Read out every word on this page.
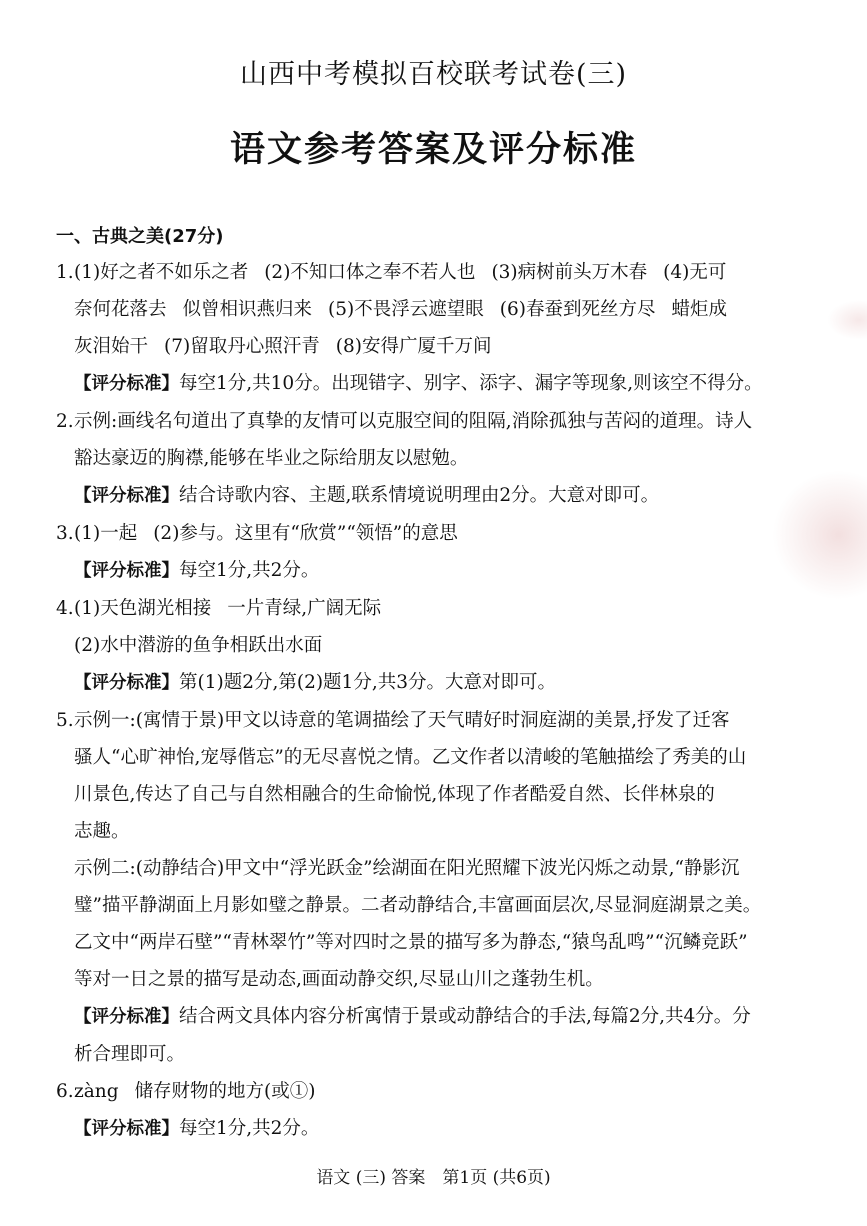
山西中考模拟百校联考试卷(三)
语文参考答案及评分标准
一、古典之美(27分)
1. (1)好之者不如乐之者 (2)不知口体之奉不若人也 (3)病树前头万木春 (4)无可

奈何花落去 似曾相识燕归来 (5)不畏浮云遮望眼 (6)春蚕到死丝方尽 蜡炬成

灰泪始干 (7)留取丹心照汗青 (8)安得广厦千万间

【评分标准】每空1分,共10分。出现错字、别字、添字、漏字等现象,则该空不得分。

2. 示例:画线名句道出了真挚的友情可以克服空间的阻隔,消除孤独与苦闷的道理。诗人

豁达豪迈的胸襟,能够在毕业之际给朋友以慰勉。

【评分标准】结合诗歌内容、主题,联系情境说明理由2分。大意对即可。

3. (1)一起 (2)参与。这里有“欣赏”“领悟”的意思

【评分标准】每空1分,共2分。

4. (1)天色湖光相接 一片青绿,广阔无际

(2)水中潜游的鱼争相跃出水面

【评分标准】第(1)题2分,第(2)题1分,共3分。大意对即可。

5. 示例一:(寓情于景)甲文以诗意的笔调描绘了天气晴好时洞庭湖的美景,抒发了迁客

骚人“心旷神怡,宠辱偕忘”的无尽喜悦之情。乙文作者以清峻的笔触描绘了秀美的山

川景色,传达了自己与自然相融合的生命愉悦,体现了作者酷爱自然、长伴林泉的

志趣。

示例二:(动静结合)甲文中“浮光跃金”绘湖面在阳光照耀下波光闪烁之动景,“静影沉

璧”描平静湖面上月影如璧之静景。二者动静结合,丰富画面层次,尽显洞庭湖景之美。

乙文中“两岸石壁”“青林翠竹”等对四时之景的描写多为静态,“猿鸟乱鸣”“沉鳞竞跃”

等对一日之景的描写是动态,画面动静交织,尽显山川之蓬勃生机。

【评分标准】结合两文具体内容分析寓情于景或动静结合的手法,每篇2分,共4分。分

析合理即可。

6. zàng 储存财物的地方(或①)

【评分标准】每空1分,共2分。

语文 (三) 答案　第1页 (共6页)
